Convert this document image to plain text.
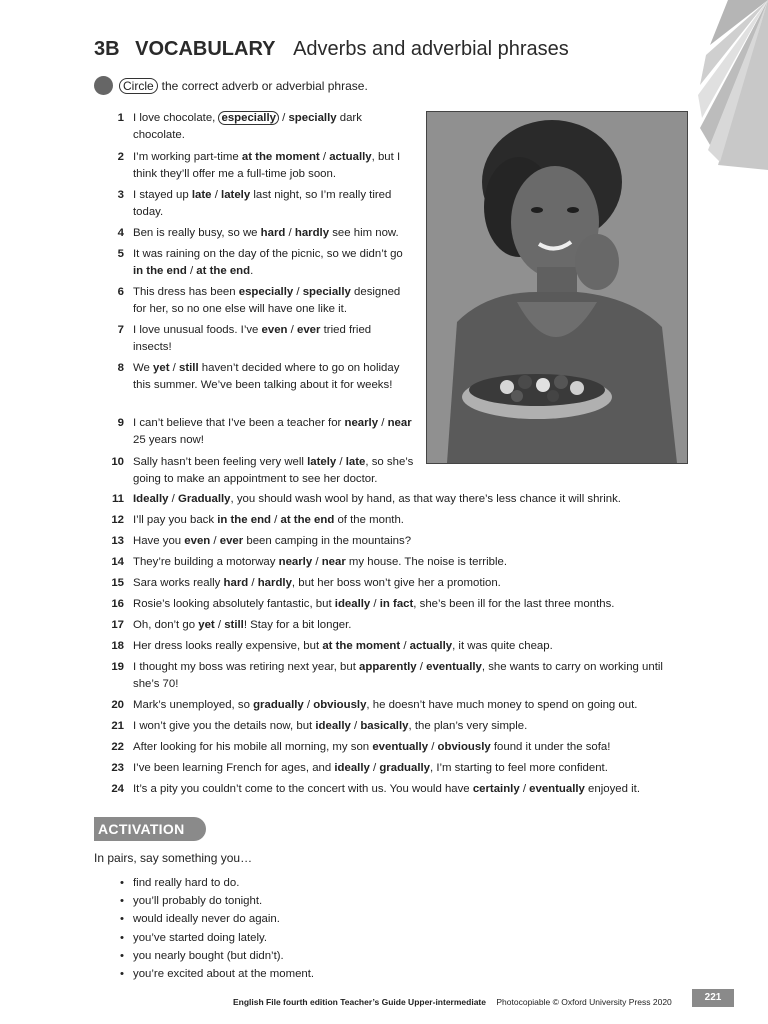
3B VOCABULARY Adverbs and adverbial phrases
Circle the correct adverb or adverbial phrase.
1 I love chocolate, especially / specially dark chocolate.
2 I’m working part-time at the moment / actually, but I think they’ll offer me a full-time job soon.
3 I stayed up late / lately last night, so I’m really tired today.
4 Ben is really busy, so we hard / hardly see him now.
5 It was raining on the day of the picnic, so we didn’t go in the end / at the end.
6 This dress has been especially / specially designed for her, so no one else will have one like it.
7 I love unusual foods. I’ve even / ever tried fried insects!
8 We yet / still haven’t decided where to go on holiday this summer. We’ve been talking about it for weeks!
9 I can’t believe that I’ve been a teacher for nearly / near 25 years now!
10 Sally hasn’t been feeling very well lately / late, so she’s going to make an appointment to see her doctor.
11 Ideally / Gradually, you should wash wool by hand, as that way there’s less chance it will shrink.
12 I’ll pay you back in the end / at the end of the month.
13 Have you even / ever been camping in the mountains?
14 They’re building a motorway nearly / near my house. The noise is terrible.
15 Sara works really hard / hardly, but her boss won’t give her a promotion.
16 Rosie’s looking absolutely fantastic, but ideally / in fact, she’s been ill for the last three months.
17 Oh, don’t go yet / still! Stay for a bit longer.
18 Her dress looks really expensive, but at the moment / actually, it was quite cheap.
19 I thought my boss was retiring next year, but apparently / eventually, she wants to carry on working until she’s 70!
20 Mark’s unemployed, so gradually / obviously, he doesn’t have much money to spend on going out.
21 I won’t give you the details now, but ideally / basically, the plan’s very simple.
22 After looking for his mobile all morning, my son eventually / obviously found it under the sofa!
23 I’ve been learning French for ages, and ideally / gradually, I’m starting to feel more confident.
24 It’s a pity you couldn’t come to the concert with us. You would have certainly / eventually enjoyed it.
ACTIVATION
In pairs, say something you…
• find really hard to do.
• you’ll probably do tonight.
• would ideally never do again.
• you’ve started doing lately.
• you nearly bought (but didn’t).
• you’re excited about at the moment.
English File fourth edition Teacher’s Guide Upper-intermediate Photocopiable © Oxford University Press 2020	221
